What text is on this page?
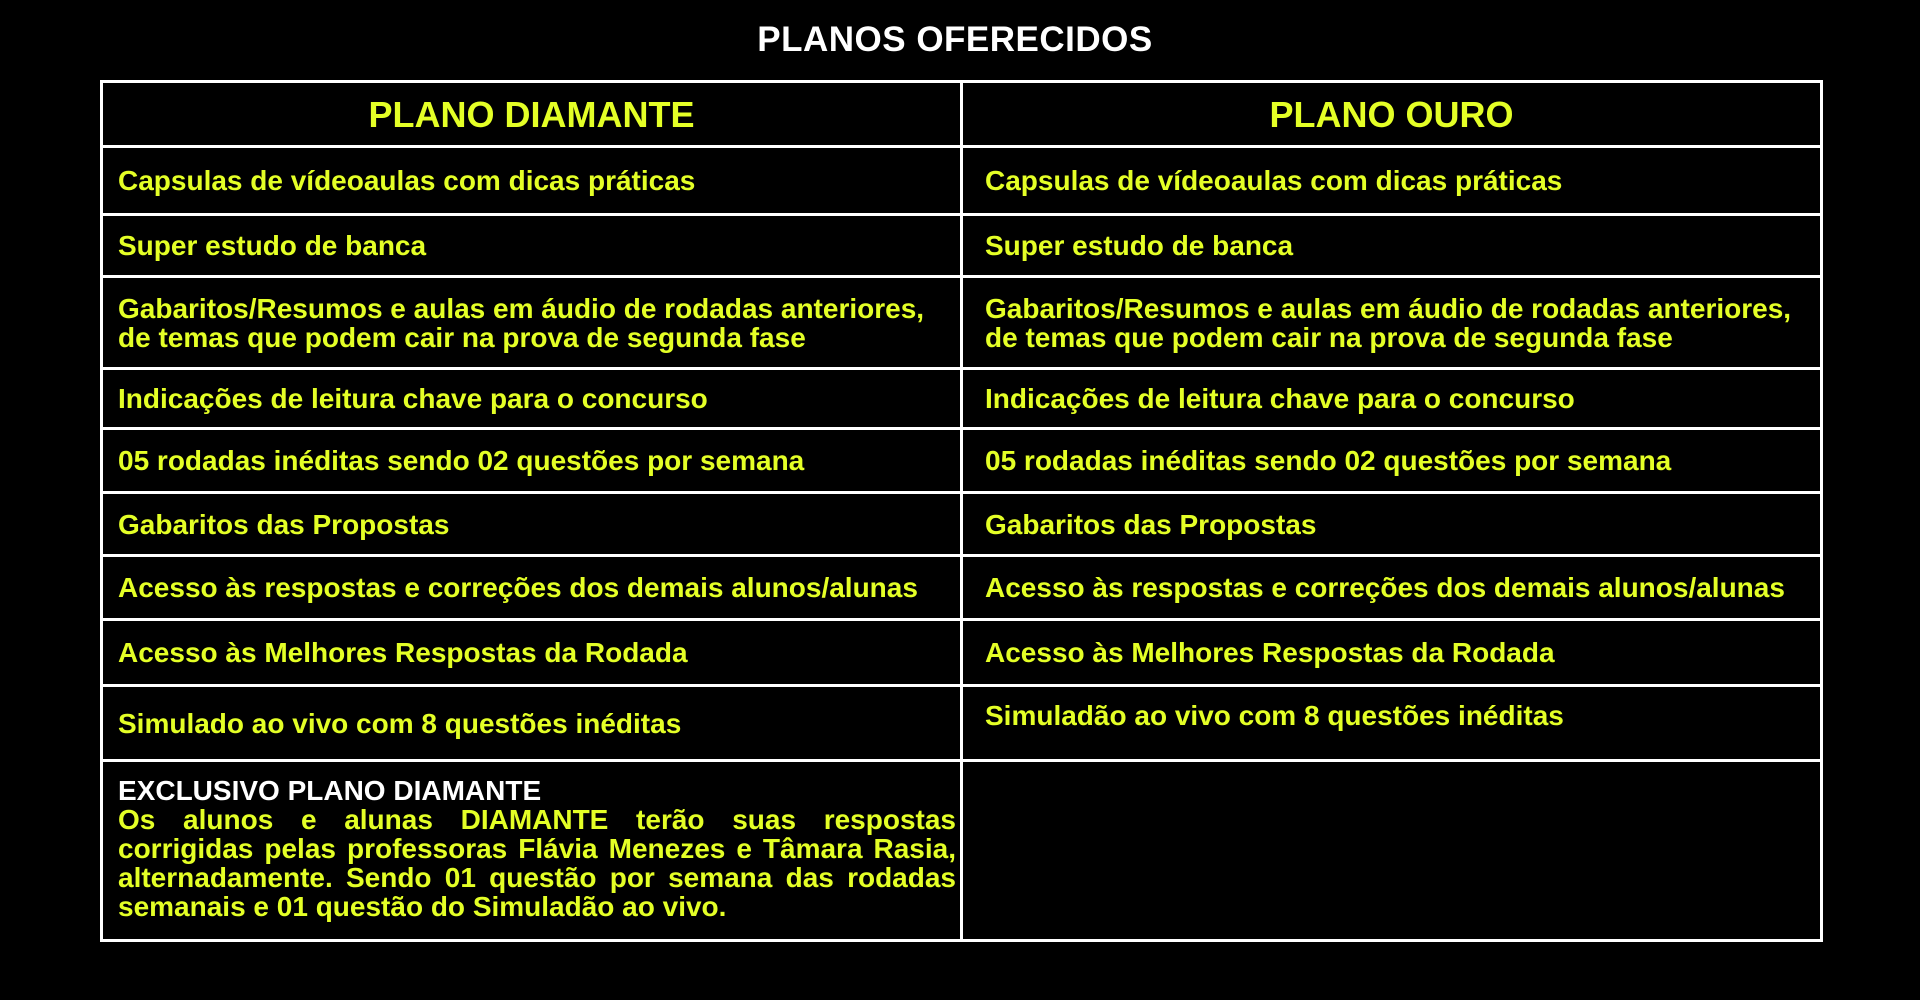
PLANOS OFERECIDOS
PLANO DIAMANTE	PLANO OURO
Capsulas de vídeoaulas com dicas práticas	Capsulas de vídeoaulas com dicas práticas
Super estudo de banca	Super estudo de banca
Gabaritos/Resumos e aulas em áudio de rodadas anteriores, de temas que podem cair na prova de segunda fase	Gabaritos/Resumos e aulas em áudio de rodadas anteriores, de temas que podem cair na prova de segunda fase
Indicações de leitura chave para o concurso	Indicações de leitura chave para o concurso
05 rodadas inéditas sendo 02 questões por semana	05 rodadas inéditas sendo 02 questões por semana
Gabaritos das Propostas	Gabaritos das Propostas
Acesso às respostas e correções dos demais alunos/alunas	Acesso às respostas e correções dos demais alunos/alunas
Acesso às Melhores Respostas da Rodada	Acesso às Melhores Respostas da Rodada
Simulado ao vivo com 8 questões inéditas	Simuladão ao vivo com 8 questões inéditas

EXCLUSIVO PLANO DIAMANTE
Os alunos e alunas DIAMANTE terão suas respostas corrigidas pelas professoras Flávia Menezes e Tâmara Rasia, alternadamente. Sendo 01 questão por semana das rodadas semanais e 01 questão do Simuladão ao vivo.	
